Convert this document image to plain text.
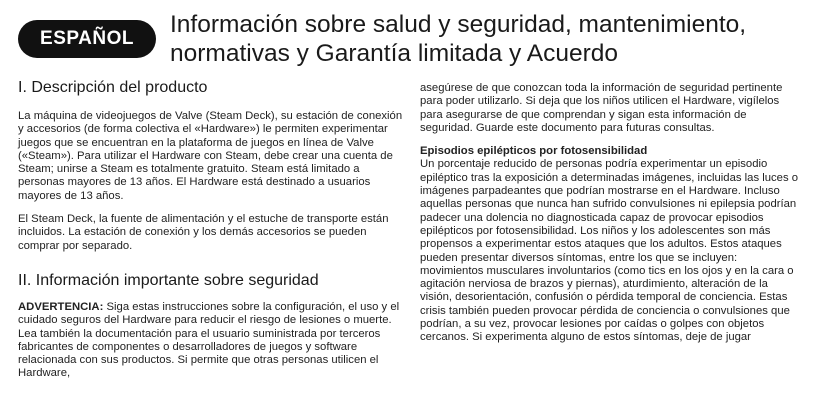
ESPAÑOL
Información sobre salud y seguridad, mantenimiento, normativas y Garantía limitada y Acuerdo
I. Descripción del producto

La máquina de videojuegos de Valve (Steam Deck), su estación de conexión y accesorios (de forma colectiva el «Hardware») le permiten experimentar juegos que se encuentran en la plataforma de juegos en línea de Valve («Steam»). Para utilizar el Hardware con Steam, debe crear una cuenta de Steam; unirse a Steam es totalmente gratuito. Steam está limitado a personas mayores de 13 años. El Hardware está destinado a usuarios mayores de 13 años.

El Steam Deck, la fuente de alimentación y el estuche de transporte están incluidos. La estación de conexión y los demás accesorios se pueden comprar por separado.

II. Información importante sobre seguridad

ADVERTENCIA: Siga estas instrucciones sobre la configuración, el uso y el cuidado seguros del Hardware para reducir el riesgo de lesiones o muerte. Lea también la documentación para el usuario suministrada por terceros fabricantes de componentes o desarrolladores de juegos y software relacionada con sus productos. Si permite que otras personas utilicen el Hardware,

asegúrese de que conozcan toda la información de seguridad pertinente para poder utilizarlo. Si deja que los niños utilicen el Hardware, vigílelos para asegurarse de que comprendan y sigan esta información de seguridad. Guarde este documento para futuras consultas.

Episodios epilépticos por fotosensibilidad

Un porcentaje reducido de personas podría experimentar un episodio epiléptico tras la exposición a determinadas imágenes, incluidas las luces o imágenes parpadeantes que podrían mostrarse en el Hardware. Incluso aquellas personas que nunca han sufrido convulsiones ni epilepsia podrían padecer una dolencia no diagnosticada capaz de provocar episodios epilépticos por fotosensibilidad. Los niños y los adolescentes son más propensos a experimentar estos ataques que los adultos. Estos ataques pueden presentar diversos síntomas, entre los que se incluyen: movimientos musculares involuntarios (como tics en los ojos y en la cara o agitación nerviosa de brazos y piernas), aturdimiento, alteración de la visión, desorientación, confusión o pérdida temporal de conciencia. Estas crisis también pueden provocar pérdida de conciencia o convulsiones que podrían, a su vez, provocar lesiones por caídas o golpes con objetos cercanos. Si experimenta alguno de estos síntomas, deje de jugar
